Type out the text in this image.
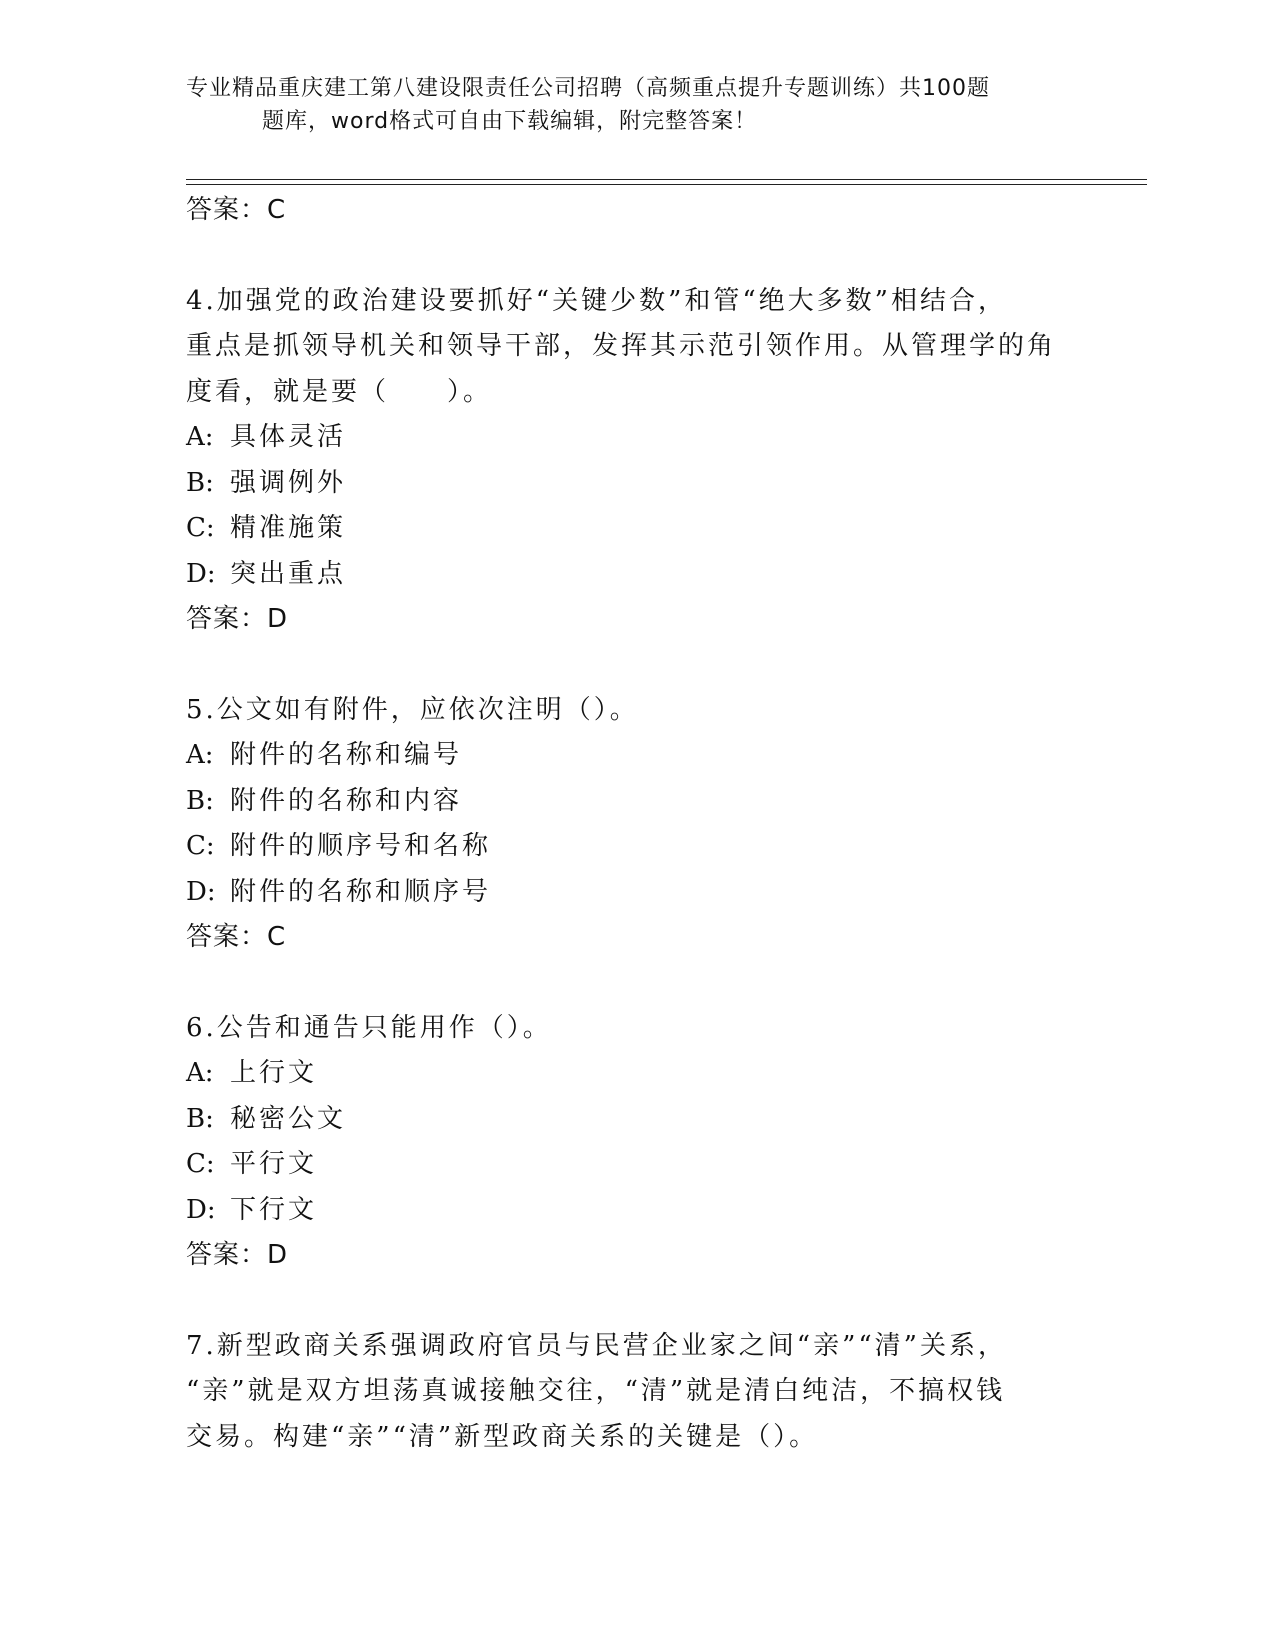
专业精品重庆建工第八建设限责任公司招聘（高频重点提升专题训练）共100题
题库，word格式可自由下载编辑，附完整答案！
答案：C
4.加强党的政治建设要抓好“关键少数”和管“绝大多数”相结合，
重点是抓领导机关和领导干部，发挥其示范引领作用。从管理学的角
度看，就是要（　　）。
A: 具体灵活
B: 强调例外
C: 精准施策
D: 突出重点
答案：D
5.公文如有附件，应依次注明（）。
A: 附件的名称和编号
B: 附件的名称和内容
C: 附件的顺序号和名称
D: 附件的名称和顺序号
答案：C
6.公告和通告只能用作（）。
A: 上行文
B: 秘密公文
C: 平行文
D: 下行文
答案：D
7.新型政商关系强调政府官员与民营企业家之间“亲”“清”关系，
“亲”就是双方坦荡真诚接触交往，“清”就是清白纯洁，不搞权钱
交易。构建“亲”“清”新型政商关系的关键是（）。
